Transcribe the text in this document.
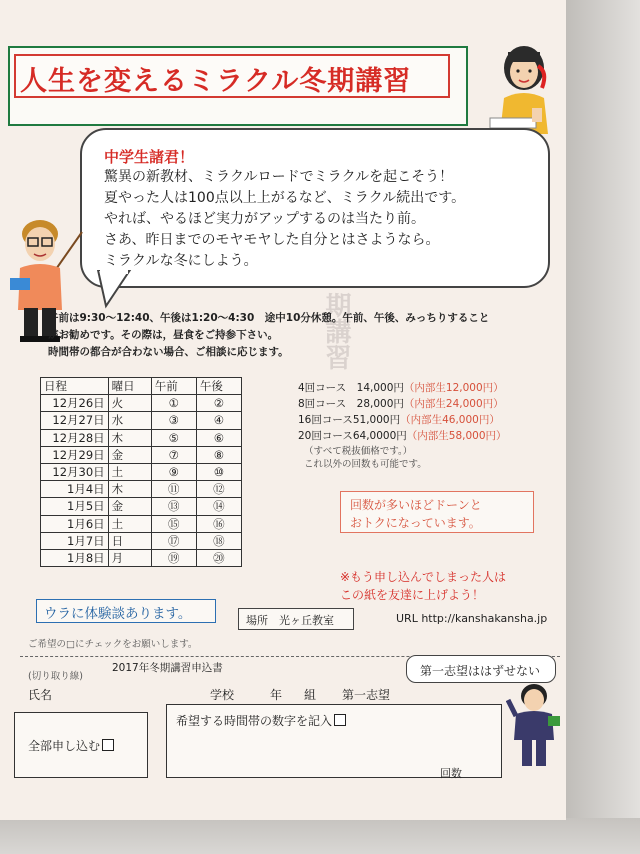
期講習
人生を変えるミラクル冬期講習
中学生諸君！
驚異の新教材、ミラクルロードでミラクルを起こそう！
夏やった人は100点以上上がるなど、ミラクル続出です。
やれば、やるほど実力がアップするのは当たり前。
さあ、昨日までのモヤモヤした自分とはさようなら。
ミラクルな冬にしよう。
午前は9:30～12:40、午後は1:20～4:30　途中10分休憩。午前、午後、みっちりすること
がお勧めです。その際は，昼食をご持参下さい。
時間帯の都合が合わない場合、ご相談に応じます。
日程	曜日	午前	午後
12月26日	火	①	②
12月27日	水	③	④
12月28日	木	⑤	⑥
12月29日	金	⑦	⑧
12月30日	土	⑨	⑩
1月4日	木	⑪	⑫
1月5日	金	⑬	⑭
1月6日	土	⑮	⑯
1月7日	日	⑰	⑱
1月8日	月	⑲	⑳
4回コース　14,000円（内部生12,000円）
8回コース　28,000円（内部生24,000円）
16回コース51,000円（内部生46,000円）
20回コース64,0000円（内部生58,000円）
（すべて税抜価格です。）
これ以外の回数も可能です。
回数が多いほどドーンと
おトクになっています。
※もう申し込んでしまった人は
この紙を友達に上げよう！
ウラに体験談あります。	場所　光ヶ丘教室	URL http://kanshakansha.jp
ご希望の□にチェックをお願いします。
2017年冬期講習申込書
(切り取り線)	第一志望ははずせない
氏名	学校	年 組 第一志望
全部申し込む
希望する時間帯の数字を記入
回数
